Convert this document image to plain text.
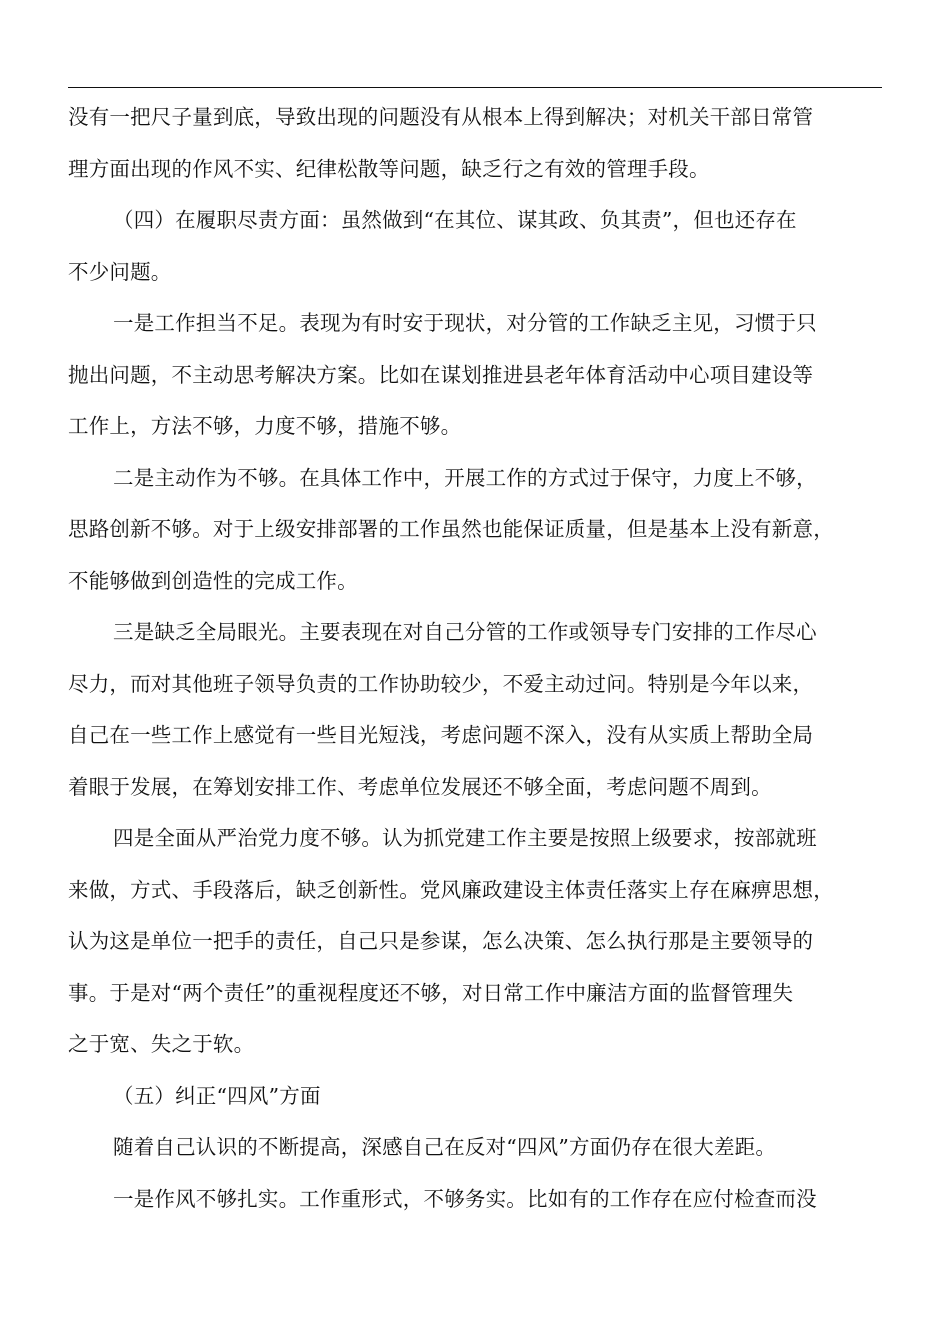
没有一把尺子量到底，导致出现的问题没有从根本上得到解决；对机关干部日常管
理方面出现的作风不实、纪律松散等问题，缺乏行之有效的管理手段。

（四）在履职尽责方面：虽然做到“在其位、谋其政、负其责”，但也还存在
不少问题。

一是工作担当不足。表现为有时安于现状，对分管的工作缺乏主见，习惯于只
抛出问题，不主动思考解决方案。比如在谋划推进县老年体育活动中心项目建设等
工作上，方法不够，力度不够，措施不够。

二是主动作为不够。在具体工作中，开展工作的方式过于保守，力度上不够，
思路创新不够。对于上级安排部署的工作虽然也能保证质量，但是基本上没有新意，
不能够做到创造性的完成工作。

三是缺乏全局眼光。主要表现在对自己分管的工作或领导专门安排的工作尽心
尽力，而对其他班子领导负责的工作协助较少，不爱主动过问。特别是今年以来，
自己在一些工作上感觉有一些目光短浅，考虑问题不深入，没有从实质上帮助全局
着眼于发展，在筹划安排工作、考虑单位发展还不够全面，考虑问题不周到。

四是全面从严治党力度不够。认为抓党建工作主要是按照上级要求，按部就班
来做，方式、手段落后，缺乏创新性。党风廉政建设主体责任落实上存在麻痹思想，
认为这是单位一把手的责任，自己只是参谋，怎么决策、怎么执行那是主要领导的
事。于是对“两个责任”的重视程度还不够，对日常工作中廉洁方面的监督管理失
之于宽、失之于软。

（五）纠正“四风”方面

随着自己认识的不断提高，深感自己在反对“四风”方面仍存在很大差距。

一是作风不够扎实。工作重形式，不够务实。比如有的工作存在应付检查而没
